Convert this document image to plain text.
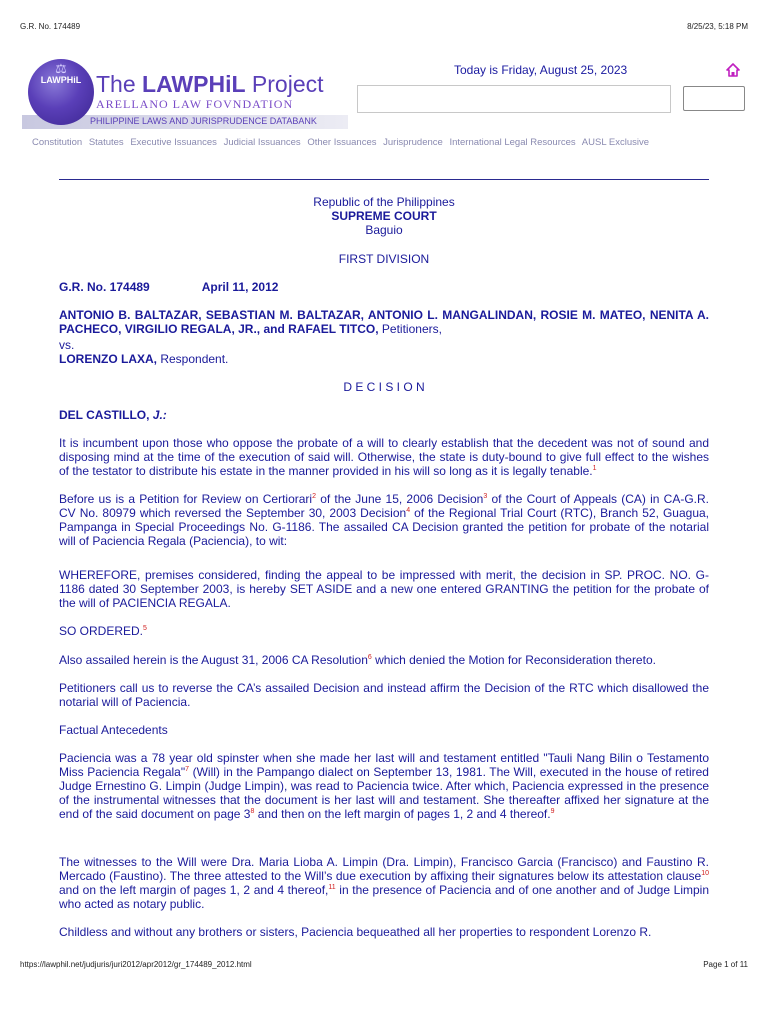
G.R. No. 174489	8/25/23, 5:18 PM
PHILIPPINE LAWS AND JURISPRUDENCE DATABANK
⚖
LAWPHiL The LAWPHiL Project
ARELLANO LAW FOVNDATION
Today is Friday, August 25, 2023
Constitution Statutes Executive Issuances Judicial Issuances Other Issuances Jurisprudence International Legal Resources AUSL Exclusive
Republic of the Philippines
SUPREME COURT
Baguio
FIRST DIVISION
G.R. No. 174489	April 11, 2012
ANTONIO B. BALTAZAR, SEBASTIAN M. BALTAZAR, ANTONIO L. MANGALINDAN, ROSIE M. MATEO, NENITA A. PACHECO, VIRGILIO REGALA, JR., and RAFAEL TITCO, Petitioners,
vs.
LORENZO LAXA, Respondent.
D E C I S I O N
DEL CASTILLO, J.:
It is incumbent upon those who oppose the probate of a will to clearly establish that the decedent was not of sound and disposing mind at the time of the execution of said will. Otherwise, the state is duty-bound to give full effect to the wishes of the testator to distribute his estate in the manner provided in his will so long as it is legally tenable.$^1$
Before us is a Petition for Review on Certiorari$^2$ of the June 15, 2006 Decision$^3$ of the Court of Appeals (CA) in CA-G.R. CV No. 80979 which reversed the September 30, 2003 Decision$^4$ of the Regional Trial Court (RTC), Branch 52, Guagua, Pampanga in Special Proceedings No. G-1186. The assailed CA Decision granted the petition for probate of the notarial will of Paciencia Regala (Paciencia), to wit:
WHEREFORE, premises considered, finding the appeal to be impressed with merit, the decision in SP. PROC. NO. G-1186 dated 30 September 2003, is hereby SET ASIDE and a new one entered GRANTING the petition for the probate of the will of PACIENCIA REGALA.
SO ORDERED.$^5$
Also assailed herein is the August 31, 2006 CA Resolution$^6$ which denied the Motion for Reconsideration thereto.
Petitioners call us to reverse the CA’s assailed Decision and instead affirm the Decision of the RTC which disallowed the notarial will of Paciencia.
Factual Antecedents
Paciencia was a 78 year old spinster when she made her last will and testament entitled "Tauli Nang Bilin o Testamento Miss Paciencia Regala"$^7$ (Will) in the Pampango dialect on September 13, 1981. The Will, executed in the house of retired Judge Ernestino G. Limpin (Judge Limpin), was read to Paciencia twice. After which, Paciencia expressed in the presence of the instrumental witnesses that the document is her last will and testament. She thereafter affixed her signature at the end of the said document on page $3^8$ and then on the left margin of pages 1, 2 and 4 thereof.$^9$
The witnesses to the Will were Dra. Maria Lioba A. Limpin (Dra. Limpin), Francisco Garcia (Francisco) and Faustino R. Mercado (Faustino). The three attested to the Will’s due execution by affixing their signatures below its attestation clause$^{10}$ and on the left margin of pages 1, 2 and 4 thereof,$^{11}$ in the presence of Paciencia and of one another and of Judge Limpin who acted as notary public.
Childless and without any brothers or sisters, Paciencia bequeathed all her properties to respondent Lorenzo R.
https://lawphil.net/judjuris/juri2012/apr2012/gr_174489_2012.html	Page 1 of 11
